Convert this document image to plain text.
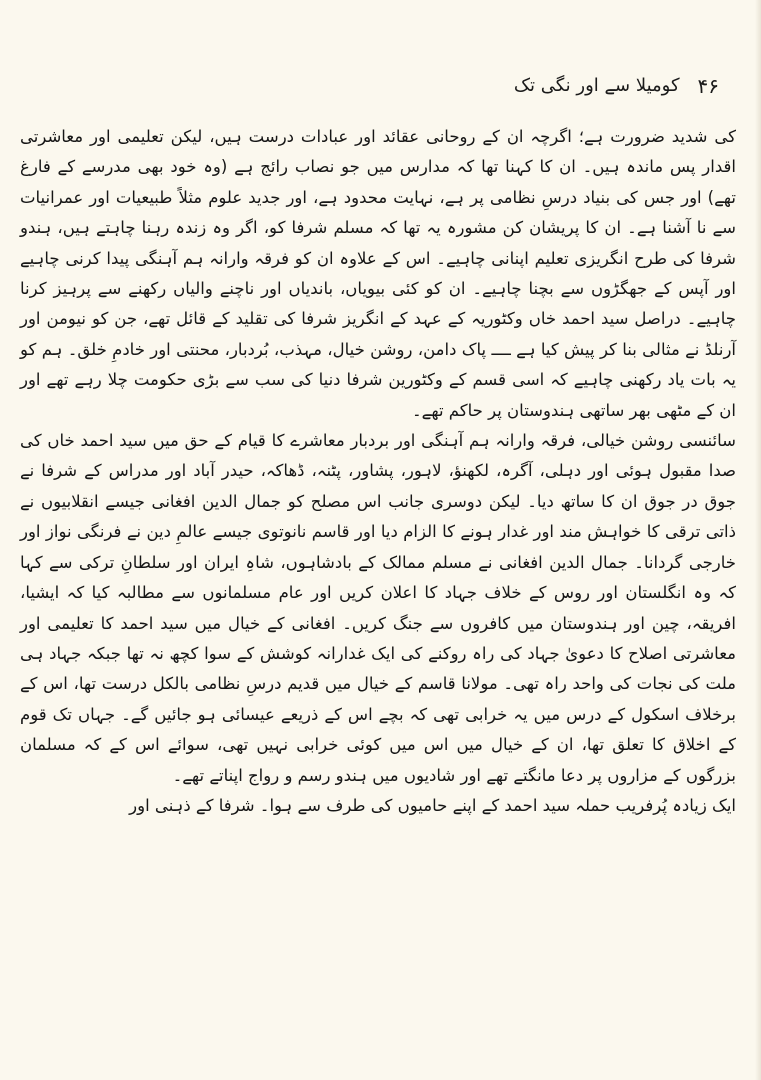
۴۶
کومیلا سے اور نگی تک

کی شدید ضرورت ہے؛ اگرچہ ان کے روحانی عقائد اور عبادات درست ہیں، لیکن تعلیمی اور معاشرتی اقدار پس ماندہ ہیں۔ ان کا کہنا تھا کہ مدارس میں جو نصاب رائج ہے (وہ خود بھی مدرسے کے فارغ تھے) اور جس کی بنیاد درسِ نظامی پر ہے، نہایت محدود ہے، اور جدید علوم مثلاً طبیعیات اور عمرانیات سے نا آشنا ہے۔ ان کا پریشان کن مشورہ یہ تھا کہ مسلم شرفا کو، اگر وہ زندہ رہنا چاہتے ہیں، ہندو شرفا کی طرح انگریزی تعلیم اپنانی چاہیے۔ اس کے علاوہ ان کو فرقہ وارانہ ہم آہنگی پیدا کرنی چاہیے اور آپس کے جھگڑوں سے بچنا چاہیے۔ ان کو کئی بیویاں، باندیاں اور ناچنے والیاں رکھنے سے پرہیز کرنا چاہیے۔ دراصل سید احمد خاں وکٹوریہ کے عہد کے انگریز شرفا کی تقلید کے قائل تھے، جن کو نیومن اور آرنلڈ نے مثالی بنا کر پیش کیا ہے ــــ پاک دامن، روشن خیال، مہذب، بُردبار، محنتی اور خادمِ خلق۔ ہم کو یہ بات یاد رکھنی چاہیے کہ اسی قسم کے وکٹورین شرفا دنیا کی سب سے بڑی حکومت چلا رہے تھے اور ان کے مٹھی بھر ساتھی ہندوستان پر حاکم تھے۔

سائنسی روشن خیالی، فرقہ وارانہ ہم آہنگی اور بردبار معاشرے کا قیام کے حق میں سید احمد خاں کی صدا مقبول ہوئی اور دہلی، آگرہ، لکھنؤ، لاہور، پشاور، پٹنہ، ڈھاکہ، حیدر آباد اور مدراس کے شرفا نے جوق در جوق ان کا ساتھ دیا۔ لیکن دوسری جانب اس مصلح کو جمال الدین افغانی جیسے انقلابیوں نے ذاتی ترقی کا خواہش مند اور غدار ہونے کا الزام دیا اور قاسم نانوتوی جیسے عالمِ دین نے فرنگی نواز اور خارجی گردانا۔ جمال الدین افغانی نے مسلم ممالک کے بادشاہوں، شاہِ ایران اور سلطانِ ترکی سے کہا کہ وہ انگلستان اور روس کے خلاف جہاد کا اعلان کریں اور عام مسلمانوں سے مطالبہ کیا کہ ایشیا، افریقہ، چین اور ہندوستان میں کافروں سے جنگ کریں۔ افغانی کے خیال میں سید احمد کا تعلیمی اور معاشرتی اصلاح کا دعویٰ جہاد کی راہ روکنے کی ایک غدارانہ کوشش کے سوا کچھ نہ تھا جبکہ جہاد ہی ملت کی نجات کی واحد راہ تھی۔ مولانا قاسم کے خیال میں قدیم درسِ نظامی بالکل درست تھا، اس کے برخلاف اسکول کے درس میں یہ خرابی تھی کہ بچے اس کے ذریعے عیسائی ہو جائیں گے۔ جہاں تک قوم کے اخلاق کا تعلق تھا، ان کے خیال میں اس میں کوئی خرابی نہیں تھی، سوائے اس کے کہ مسلمان بزرگوں کے مزاروں پر دعا مانگتے تھے اور شادیوں میں ہندو رسم و رواج اپناتے تھے۔

ایک زیادہ پُرفریب حملہ سید احمد کے اپنے حامیوں کی طرف سے ہوا۔ شرفا کے ذہنی اور
